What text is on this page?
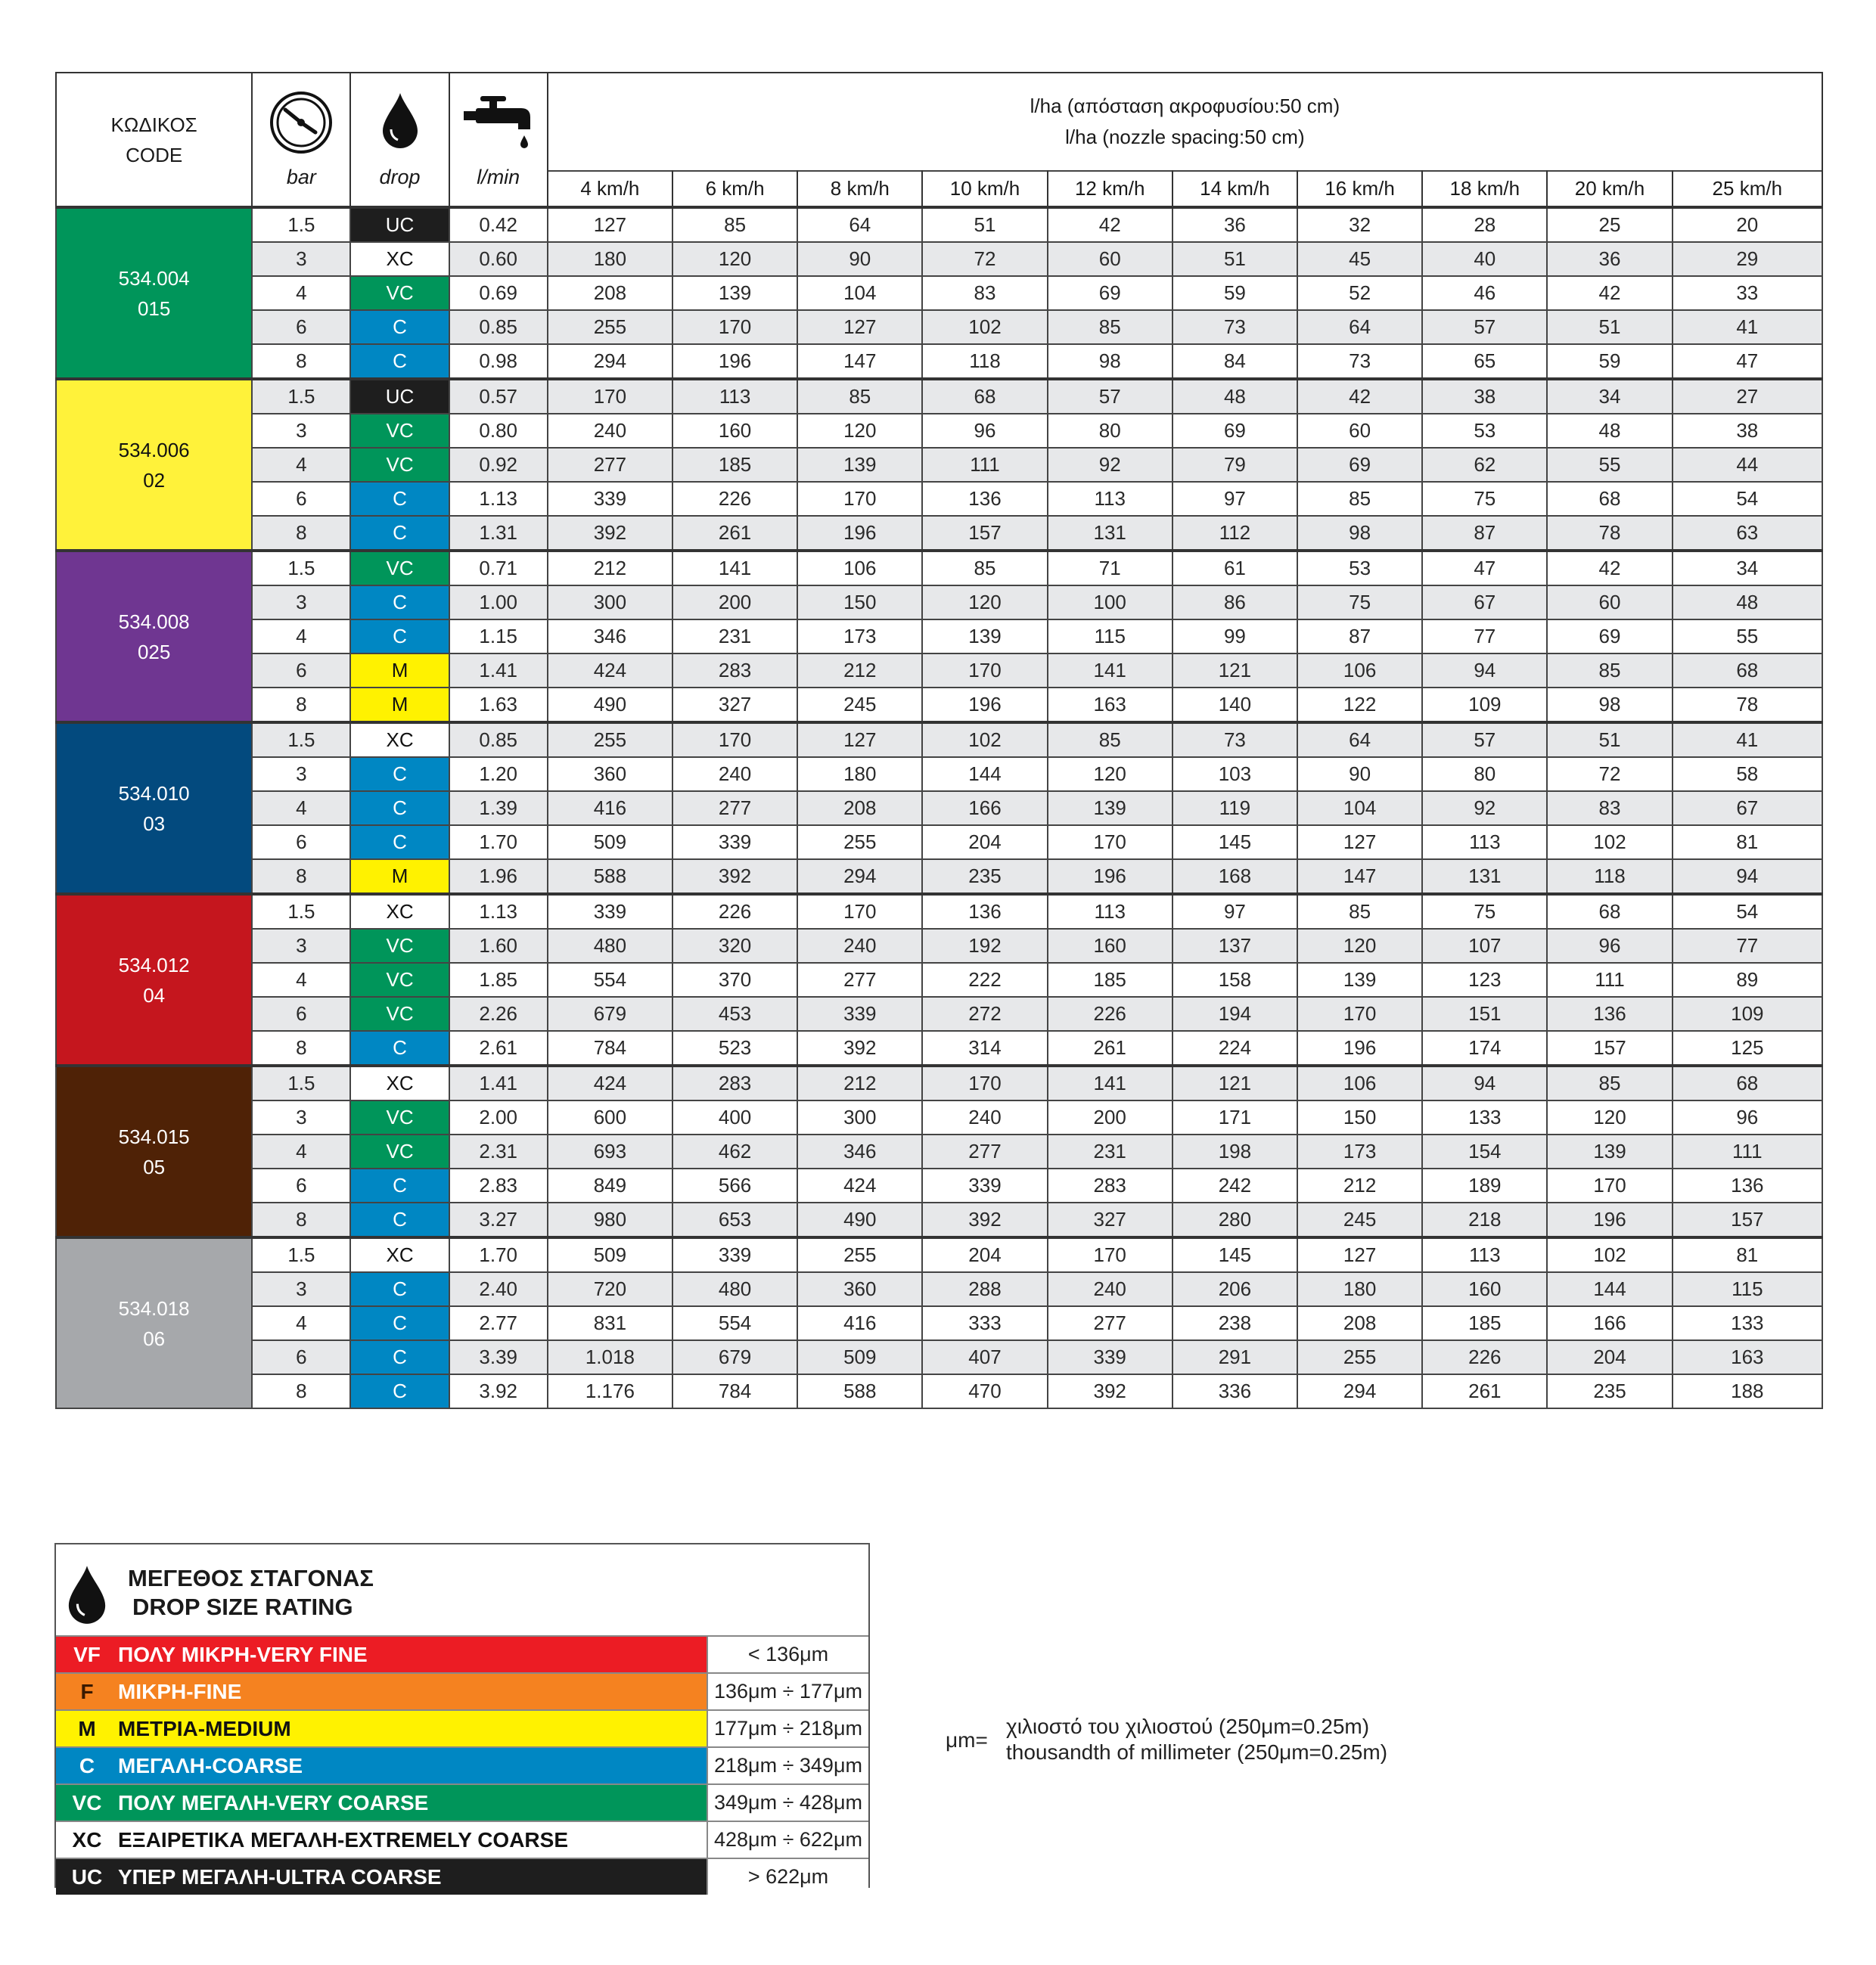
ΚΩΔΙΚΟΣ
CODE	bar	drop	l/min	l/ha (απόσταση ακροφυσίου:50 cm)
l/ha (nozzle spacing:50 cm)									
				4 km/h	6 km/h	8 km/h	10 km/h	12 km/h	14 km/h	16 km/h	18 km/h	20 km/h	25 km/h
534.004
015	1.5	UC	0.42	127	85	64	51	42	36	32	28	25	20
	3	XC	0.60	180	120	90	72	60	51	45	40	36	29
	4	VC	0.69	208	139	104	83	69	59	52	46	42	33
	6	C	0.85	255	170	127	102	85	73	64	57	51	41
	8	C	0.98	294	196	147	118	98	84	73	65	59	47
534.006
02	1.5	UC	0.57	170	113	85	68	57	48	42	38	34	27
	3	VC	0.80	240	160	120	96	80	69	60	53	48	38
	4	VC	0.92	277	185	139	111	92	79	69	62	55	44
	6	C	1.13	339	226	170	136	113	97	85	75	68	54
	8	C	1.31	392	261	196	157	131	112	98	87	78	63
534.008
025	1.5	VC	0.71	212	141	106	85	71	61	53	47	42	34
	3	C	1.00	300	200	150	120	100	86	75	67	60	48
	4	C	1.15	346	231	173	139	115	99	87	77	69	55
	6	M	1.41	424	283	212	170	141	121	106	94	85	68
	8	M	1.63	490	327	245	196	163	140	122	109	98	78
534.010
03	1.5	XC	0.85	255	170	127	102	85	73	64	57	51	41
	3	C	1.20	360	240	180	144	120	103	90	80	72	58
	4	C	1.39	416	277	208	166	139	119	104	92	83	67
	6	C	1.70	509	339	255	204	170	145	127	113	102	81
	8	M	1.96	588	392	294	235	196	168	147	131	118	94
534.012
04	1.5	XC	1.13	339	226	170	136	113	97	85	75	68	54
	3	VC	1.60	480	320	240	192	160	137	120	107	96	77
	4	VC	1.85	554	370	277	222	185	158	139	123	111	89
	6	VC	2.26	679	453	339	272	226	194	170	151	136	109
	8	C	2.61	784	523	392	314	261	224	196	174	157	125
534.015
05	1.5	XC	1.41	424	283	212	170	141	121	106	94	85	68
	3	VC	2.00	600	400	300	240	200	171	150	133	120	96
	4	VC	2.31	693	462	346	277	231	198	173	154	139	111
	6	C	2.83	849	566	424	339	283	242	212	189	170	136
	8	C	3.27	980	653	490	392	327	280	245	218	196	157
534.018
06	1.5	XC	1.70	509	339	255	204	170	145	127	113	102	81
	3	C	2.40	720	480	360	288	240	206	180	160	144	115
	4	C	2.77	831	554	416	333	277	238	208	185	166	133
	6	C	3.39	1.018	679	509	407	339	291	255	226	204	163
	8	C	3.92	1.176	784	588	470	392	336	294	261	235	188
ΜΕΓΕΘΟΣ ΣΤΑΓΟΝΑΣ
DROP SIZE RATING
VF ΠΟΛΥ ΜΙΚΡΗ-VERY FINE	< 136μm
F	ΜΙΚΡΗ-FINE	136μm ÷ 177μm
M	ΜΕΤΡΙΑ-MEDIUM	177μm ÷ 218μm
C	ΜΕΓΑΛΗ-COARSE	218μm ÷ 349μm
VC ΠΟΛΥ ΜΕΓΑΛΗ-VERY COARSE	349μm ÷ 428μm
XC ΕΞΑΙΡΕΤΙΚΑ ΜΕΓΑΛΗ-EXTREMELY COARSE	428μm ÷ 622μm
UC ΥΠΕΡ ΜΕΓΑΛΗ-ULTRA COARSE	> 622μm
μm=
χιλιοστό του χιλιοστού (250μm=0.25m)
thousandth of millimeter (250μm=0.25m)
